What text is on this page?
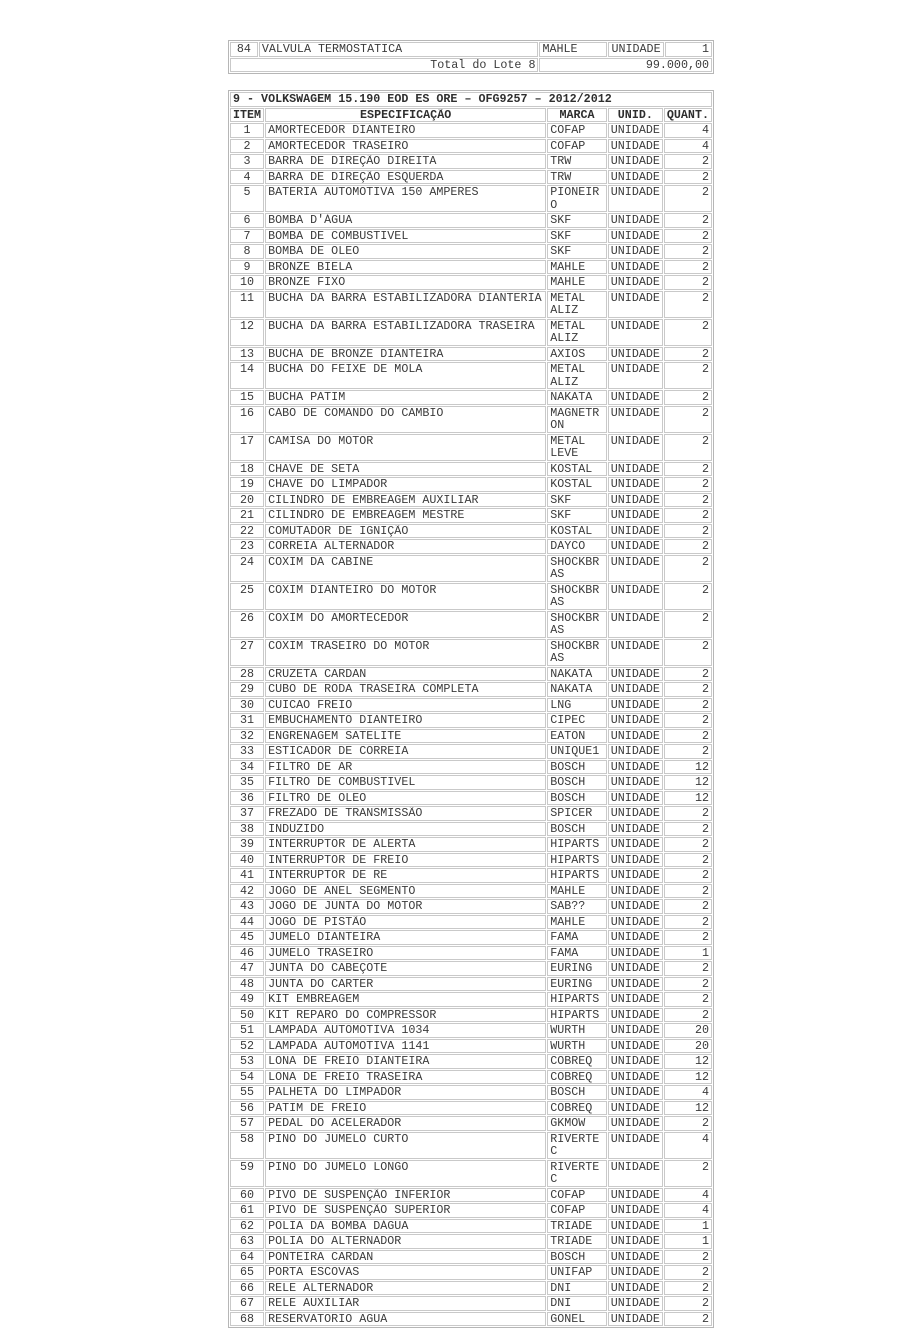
84	VALVULA TERMOSTATICA	MAHLE	UNIDADE	1
Total do Lote 8		99.000,00		
9 - VOLKSWAGEM 15.190 EOD ES ORE – OFG9257 – 2012/2012				
ITEM	ESPECIFICAÇÃO	MARCA	UNID.	QUANT.
1	AMORTECEDOR DIANTEIRO	COFAP	UNIDADE	4
2	AMORTECEDOR TRASEIRO	COFAP	UNIDADE	4
3	BARRA DE DIREÇÃO DIREITA	TRW	UNIDADE	2
4	BARRA DE DIREÇÃO ESQUERDA	TRW	UNIDADE	2
5	BATERIA AUTOMOTIVA 150 AMPERES	PIONEIRO	UNIDADE	2
6	BOMBA D'ÁGUA	SKF	UNIDADE	2
7	BOMBA DE COMBUSTIVEL	SKF	UNIDADE	2
8	BOMBA DE OLEO	SKF	UNIDADE	2
9	BRONZE BIELA	MAHLE	UNIDADE	2
10	BRONZE FIXO	MAHLE	UNIDADE	2
11	BUCHA DA BARRA ESTABILIZADORA DIANTERIA	METAL ALIZ	UNIDADE	2
12	BUCHA DA BARRA ESTABILIZADORA TRASEIRA	METAL ALIZ	UNIDADE	2
13	BUCHA DE BRONZE DIANTEIRA	AXIOS	UNIDADE	2
14	BUCHA DO FEIXE DE MOLA	METAL ALIZ	UNIDADE	2
15	BUCHA PATIM	NAKATA	UNIDADE	2
16	CABO DE COMANDO DO CAMBIO	MAGNETRON	UNIDADE	2
17	CAMISA DO MOTOR	METAL LEVE	UNIDADE	2
18	CHAVE DE SETA	KOSTAL	UNIDADE	2
19	CHAVE DO LIMPADOR	KOSTAL	UNIDADE	2
20	CILINDRO DE EMBREAGEM AUXILIAR	SKF	UNIDADE	2
21	CILINDRO DE EMBREAGEM MESTRE	SKF	UNIDADE	2
22	COMUTADOR DE IGNIÇÃO	KOSTAL	UNIDADE	2
23	CORREIA ALTERNADOR	DAYCO	UNIDADE	2
24	COXIM DA CABINE	SHOCKBRAS	UNIDADE	2
25	COXIM DIANTEIRO DO MOTOR	SHOCKBRAS	UNIDADE	2
26	COXIM DO AMORTECEDOR	SHOCKBRAS	UNIDADE	2
27	COXIM TRASEIRO DO MOTOR	SHOCKBRAS	UNIDADE	2
28	CRUZETA CARDAN	NAKATA	UNIDADE	2
29	CUBO DE RODA TRASEIRA COMPLETA	NAKATA	UNIDADE	2
30	CUICAO FREIO	LNG	UNIDADE	2
31	EMBUCHAMENTO DIANTEIRO	CIPEC	UNIDADE	2
32	ENGRENAGEM SATELITE	EATON	UNIDADE	2
33	ESTICADOR DE CORREIA	UNIQUE1	UNIDADE	2
34	FILTRO DE AR	BOSCH	UNIDADE	12
35	FILTRO DE COMBUSTIVEL	BOSCH	UNIDADE	12
36	FILTRO DE OLEO	BOSCH	UNIDADE	12
37	FREZADO DE TRANSMISSÃO	SPICER	UNIDADE	2
38	INDUZIDO	BOSCH	UNIDADE	2
39	INTERRUPTOR DE ALERTA	HIPARTS	UNIDADE	2
40	INTERRUPTOR DE FREIO	HIPARTS	UNIDADE	2
41	INTERRUPTOR DE RE	HIPARTS	UNIDADE	2
42	JOGO DE ANEL SEGMENTO	MAHLE	UNIDADE	2
43	JOGO DE JUNTA DO MOTOR	SAB??	UNIDADE	2
44	JOGO DE PISTÃO	MAHLE	UNIDADE	2
45	JUMELO DIANTEIRA	FAMA	UNIDADE	2
46	JUMELO TRASEIRO	FAMA	UNIDADE	1
47	JUNTA DO CABEÇOTE	EURING	UNIDADE	2
48	JUNTA DO CARTER	EURING	UNIDADE	2
49	KIT EMBREAGEM	HIPARTS	UNIDADE	2
50	KIT REPARO DO COMPRESSOR	HIPARTS	UNIDADE	2
51	LAMPADA AUTOMOTIVA 1034	WURTH	UNIDADE	20
52	LAMPADA AUTOMOTIVA 1141	WURTH	UNIDADE	20
53	LONA DE FREIO DIANTEIRA	COBREQ	UNIDADE	12
54	LONA DE FREIO TRASEIRA	COBREQ	UNIDADE	12
55	PALHETA DO LIMPADOR	BOSCH	UNIDADE	4
56	PATIM DE FREIO	COBREQ	UNIDADE	12
57	PEDAL DO ACELERADOR	GKMOW	UNIDADE	2
58	PINO DO JUMELO CURTO	RIVERTEC	UNIDADE	4
59	PINO DO JUMELO LONGO	RIVERTEC	UNIDADE	2
60	PIVO DE SUSPENÇÃO INFERIOR	COFAP	UNIDADE	4
61	PIVO DE SUSPENÇÃO SUPERIOR	COFAP	UNIDADE	4
62	POLIA DA BOMBA DÁGUA	TRIADE	UNIDADE	1
63	POLIA DO ALTERNADOR	TRIADE	UNIDADE	1
64	PONTEIRA CARDAN	BOSCH	UNIDADE	2
65	PORTA ESCOVAS	UNIFAP	UNIDADE	2
66	RELE ALTERNADOR	DNI	UNIDADE	2
67	RELE AUXILIAR	DNI	UNIDADE	2
68	RESERVATORIO AGUA	GONEL	UNIDADE	2
